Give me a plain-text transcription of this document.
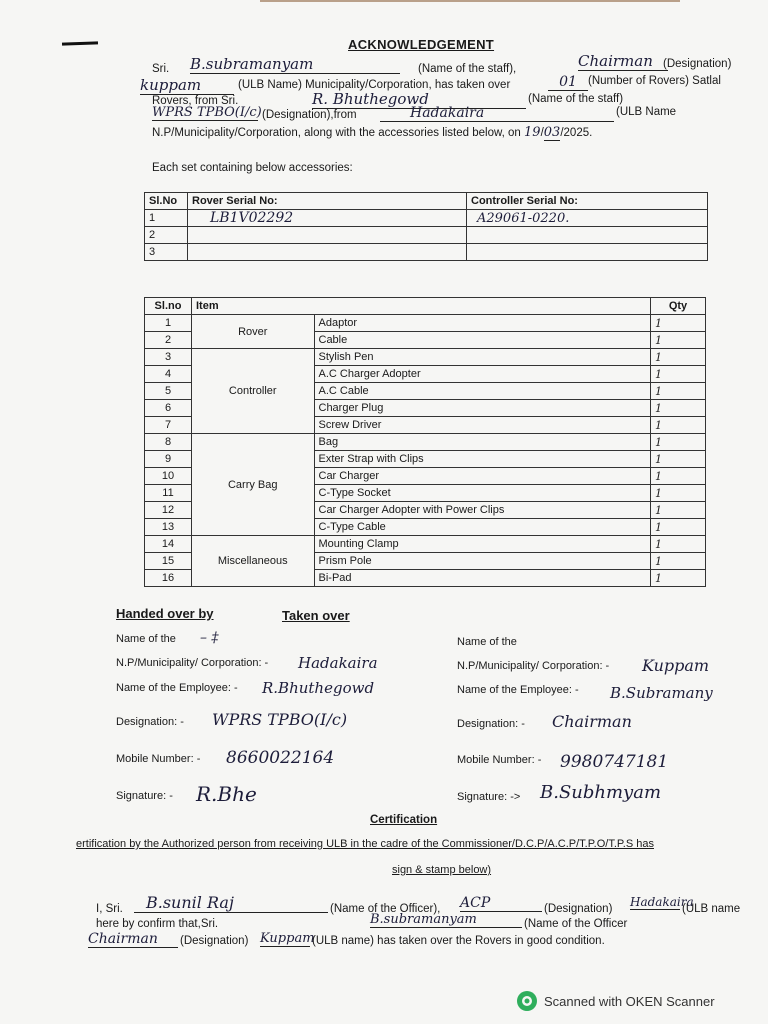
ACKNOWLEDGEMENT
Sri. B.subramanyam	(Name of the staff),	Chairman (Designation)
kuppam	(ULB Name) Municipality/Corporation, has taken over	01 (Number of Rovers) Satlal
Rovers, from Sri.	R. Bhuthegowd	(Name of the staff)
WPRS TPBO(I/c) (Designation),from	Hadakaira	(ULB Name
N.P/Municipality/Corporation, along with the accessories listed below, on 19/03/2025.
Each set containing below accessories:
Sl.No	Rover Serial No:	Controller Serial No:
1	LB1V02292	A29061-0220.
2		
3		
Sl.no	Item		Qty
1	Rover	Adaptor	1
2		Cable	1
3	Controller	Stylish Pen	1
4		A.C Charger Adopter	1
5		A.C Cable	1
6		Charger Plug	1
7		Screw Driver	1
8	Carry Bag	Bag	1
9		Exter Strap with Clips	1
10		Car Charger	1
11		C-Type Socket	1
12		Car Charger Adopter with Power Clips	1
13		C-Type Cable	1
14	Miscellaneous	Mounting Clamp	1
15		Prism Pole	1
16		Bi-Pad	1
Handed over by	Taken over
Name of the – ‡
N.P/Municipality/ Corporation: - Hadakaira
Name of the Employee: - R.Bhuthegowd
Designation: - WPRS TPBO(I/c)
Mobile Number: - 8660022164
Signature: - R.Bhe
Name of the
N.P/Municipality/ Corporation: - Kuppam
Name of the Employee: - B.Subramany
Designation: - Chairman
Mobile Number: - 9980747181
Signature: -> B.Subhmyam
Certification
ertification by the Authorized person from receiving ULB in the cadre of the Commissioner/D.C.P/A.C.P/T.P.O/T.P.S has
sign & stamp below)
I, Sri.	B.sunil Raj	(Name of the Officer), ACP	(Designation) Hadakaira
(ULB name
here by confirm that,Sri.	B.subramanyam	(Name of the Officer
Chairman	(Designation) Kuppam
(ULB name) has taken over the Rovers in good condition.
Scanned with OKEN Scanner
